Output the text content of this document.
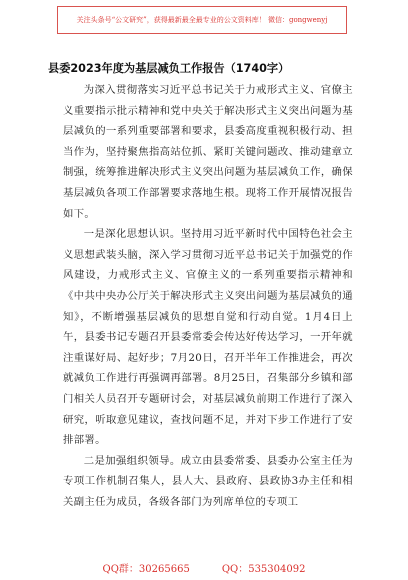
关注头条号“公文研究”，获得最新最全最专业的公文资料库！ 微信：gongwenyj
县委2023年度为基层减负工作报告（1740字）

为深入贯彻落实习近平总书记关于力戒形式主义、官僚主义重要指示批示精神和党中央关于解决形式主义突出问题为基层减负的一系列重要部署和要求，县委高度重视积极行动、担当作为，坚持聚焦指高站位抓、紧盯关键问题改、推动建章立制强，统筹推进解决形式主义突出问题为基层减负工作，确保基层减负各项工作部署要求落地生根。现将工作开展情况报告如下。

一是深化思想认识。坚持用习近平新时代中国特色社会主义思想武装头脑，深入学习贯彻习近平总书记关于加强党的作风建设，力戒形式主义、官僚主义的一系列重要指示精神和《中共中央办公厅关于解决形式主义突出问题为基层减负的通知》，不断增强基层减负的思想自觉和行动自觉。1月4日上午，县委书记专题召开县委常委会传达好传达学习，一开年就注重谋好局、起好步；7月20日，召开半年工作推进会，再次就减负工作进行再强调再部署。8月25日，召集部分乡镇和部门相关人员召开专题研讨会，对基层减负前期工作进行了深入研究，听取意见建议，查找问题不足，并对下步工作进行了安排部署。

二是加强组织领导。成立由县委常委、县委办公室主任为专项工作机制召集人，县人大、县政府、县政协3办主任和相关副主任为成员，各级各部门为列席单位的专项工

QQ群：30265665	QQ：535304092
